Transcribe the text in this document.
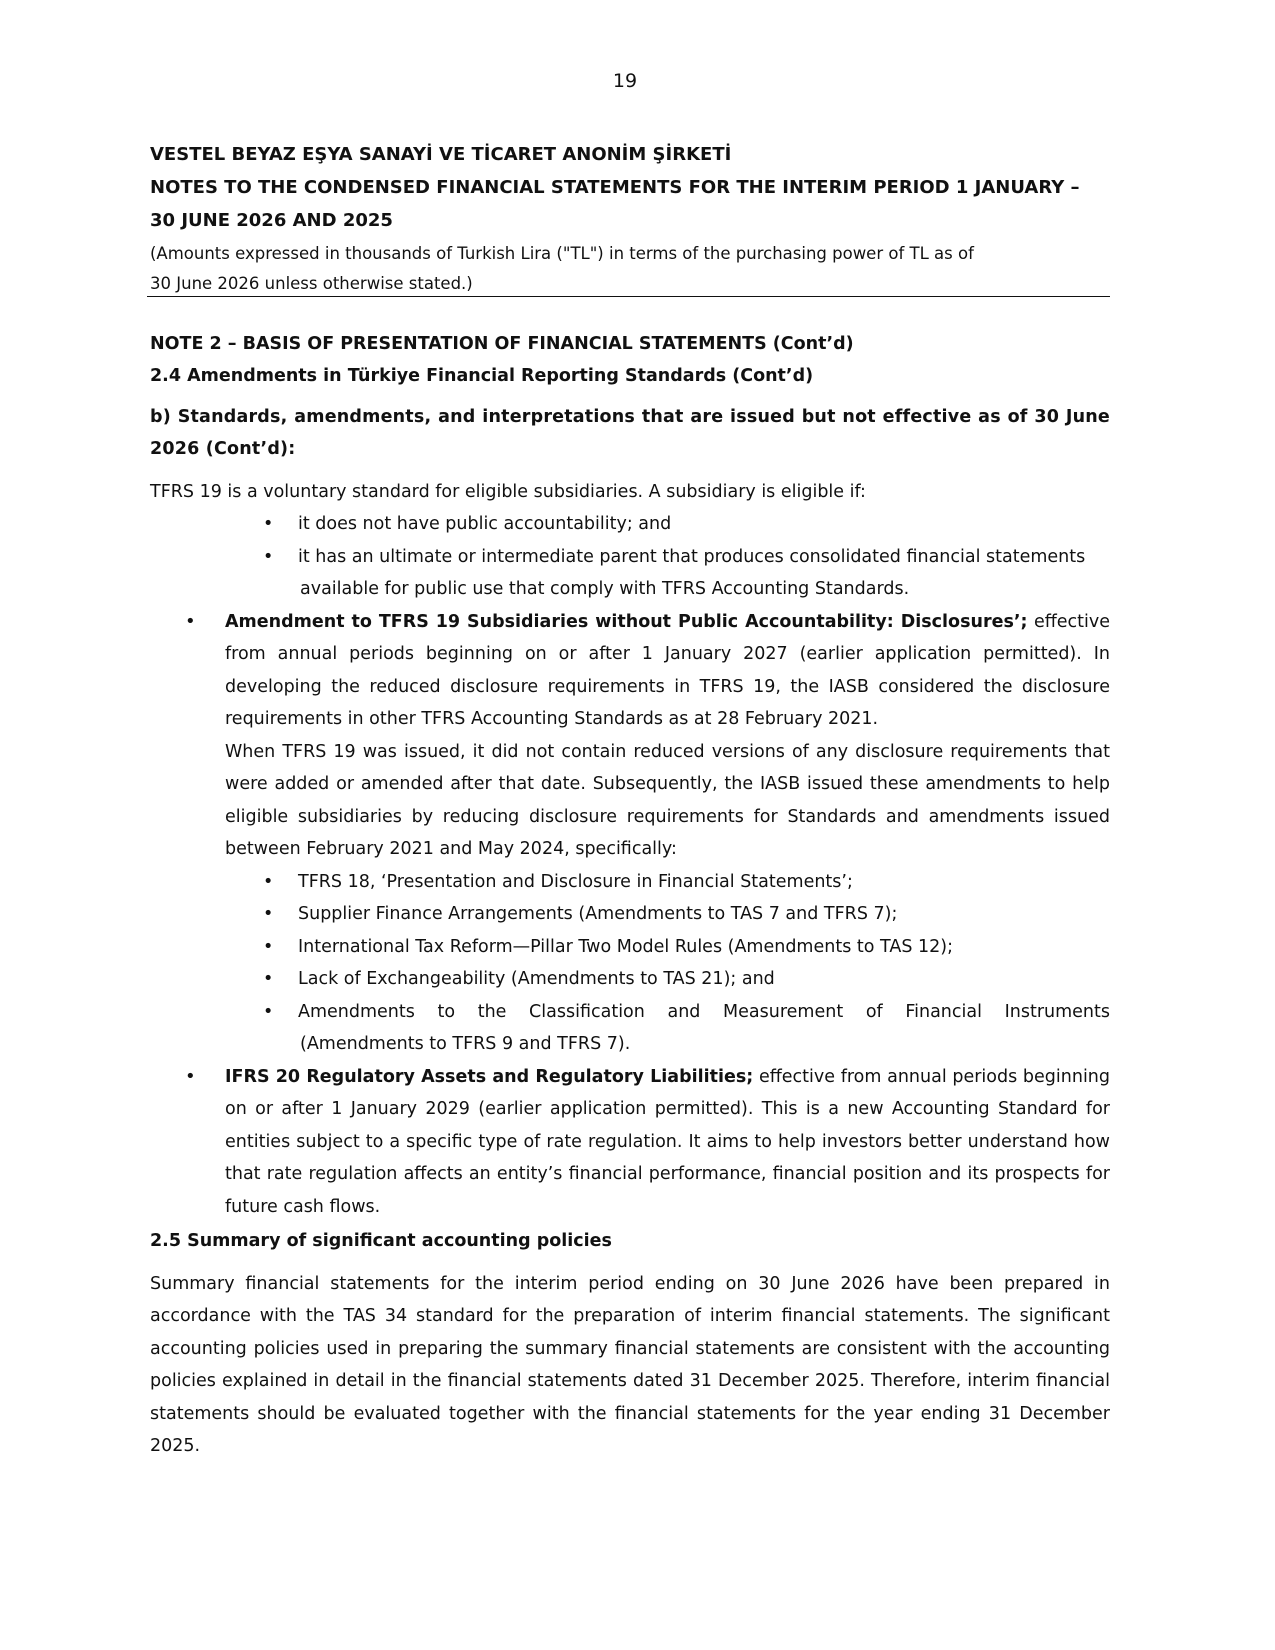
19
VESTEL BEYAZ EŞYA SANAYİ VE TİCARET ANONİM ŞİRKETİ
NOTES TO THE CONDENSED FINANCIAL STATEMENTS FOR THE INTERIM PERIOD 1 JANUARY – 30 JUNE 2026 AND 2025
(Amounts expressed in thousands of Turkish Lira ("TL") in terms of the purchasing power of TL as of
30 June 2026 unless otherwise stated.)
NOTE 2 – BASIS OF PRESENTATION OF FINANCIAL STATEMENTS (Cont’d)
2.4 Amendments in Türkiye Financial Reporting Standards (Cont’d)
b) Standards, amendments, and interpretations that are issued but not effective as of 30 June 2026 (Cont’d):
TFRS 19 is a voluntary standard for eligible subsidiaries. A subsidiary is eligible if:
• it does not have public accountability; and
• it has an ultimate or intermediate parent that produces consolidated financial statements
available for public use that comply with TFRS Accounting Standards.
• Amendment to TFRS 19 Subsidiaries without Public Accountability: Disclosures’; effective from annual periods beginning on or after 1 January 2027 (earlier application permitted). In developing the reduced disclosure requirements in TFRS 19, the IASB considered the disclosure requirements in other TFRS Accounting Standards as at 28 February 2021.
When TFRS 19 was issued, it did not contain reduced versions of any disclosure requirements that were added or amended after that date. Subsequently, the IASB issued these amendments to help eligible subsidiaries by reducing disclosure requirements for Standards and amendments issued between February 2021 and May 2024, specifically:
• TFRS 18, ‘Presentation and Disclosure in Financial Statements’;
• Supplier Finance Arrangements (Amendments to TAS 7 and TFRS 7);
• International Tax Reform—Pillar Two Model Rules (Amendments to TAS 12);
• Lack of Exchangeability (Amendments to TAS 21); and
• Amendments to the Classification and Measurement of Financial Instruments
(Amendments to TFRS 9 and TFRS 7).
• IFRS 20 Regulatory Assets and Regulatory Liabilities; effective from annual periods beginning on or after 1 January 2029 (earlier application permitted). This is a new Accounting Standard for entities subject to a specific type of rate regulation. It aims to help investors better understand how that rate regulation affects an entity’s financial performance, financial position and its prospects for future cash flows.
2.5 Summary of significant accounting policies
Summary financial statements for the interim period ending on 30 June 2026 have been prepared in accordance with the TAS 34 standard for the preparation of interim financial statements. The significant accounting policies used in preparing the summary financial statements are consistent with the accounting policies explained in detail in the financial statements dated 31 December 2025. Therefore, interim financial statements should be evaluated together with the financial statements for the year ending 31 December 2025.
